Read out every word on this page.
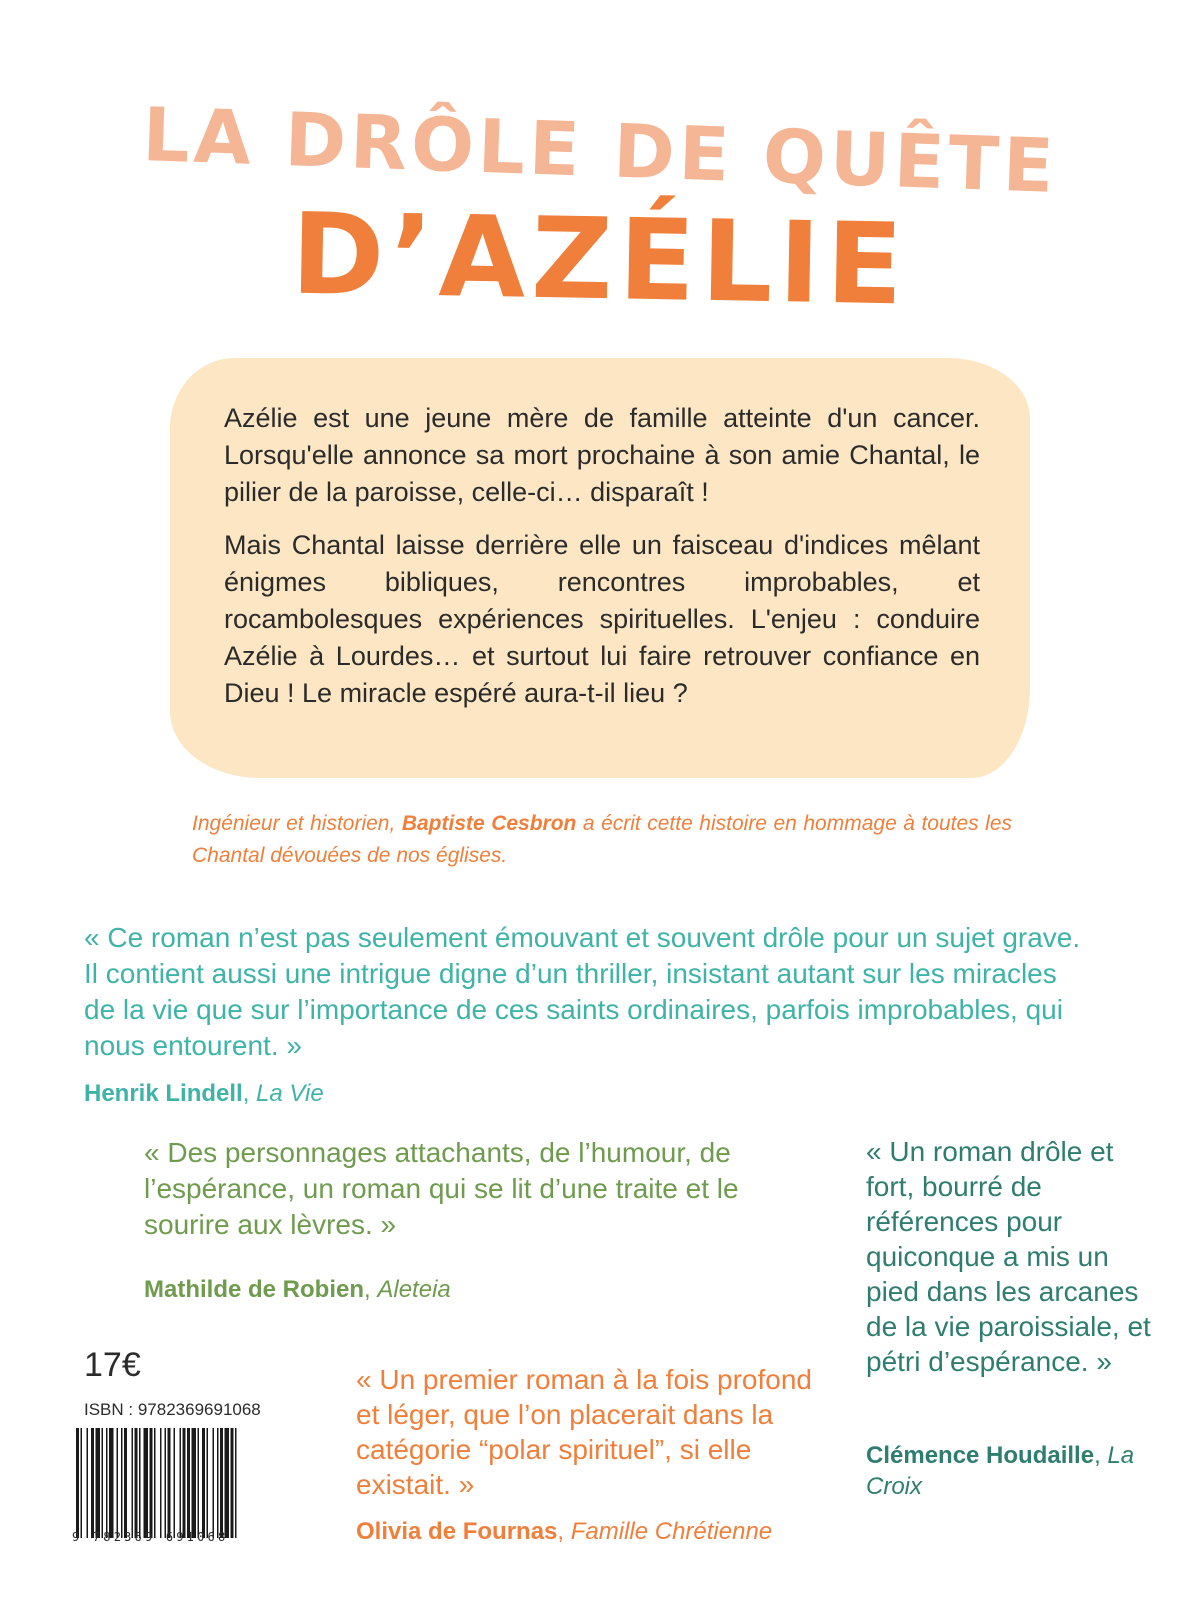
LA DRÔLE DE QUÊTE
D’AZÉLIE

Azélie est une jeune mère de famille atteinte d'un cancer. Lorsqu'elle annonce sa mort prochaine à son amie Chantal, le pilier de la paroisse, celle-ci… disparaît !

Mais Chantal laisse derrière elle un faisceau d'indices mêlant énigmes bibliques, rencontres improbables, et rocambolesques expériences spirituelles. L'enjeu : conduire Azélie à Lourdes… et surtout lui faire retrouver confiance en Dieu ! Le miracle espéré aura-t-il lieu ?

Ingénieur et historien, Baptiste Cesbron a écrit cette histoire en hommage à toutes les Chantal dévouées de nos églises.
« Ce roman n’est pas seulement émouvant et souvent drôle pour un sujet grave. Il contient aussi une intrigue digne d’un thriller, insistant autant sur les miracles de la vie que sur l’importance de ces saints ordinaires, parfois improbables, qui nous entourent. »
Henrik Lindell, La Vie
« Des personnages attachants, de l’humour, de l’espérance, un roman qui se lit d’une traite et le sourire aux lèvres. »
Mathilde de Robien, Aleteia
« Un roman drôle et fort, bourré de références pour quiconque a mis un pied dans les arcanes de la vie paroissiale, et pétri d’espérance. »
Clémence Houdaille, La Croix
« Un premier roman à la fois profond et léger, que l’on placerait dans la catégorie “polar spirituel”, si elle existait. »
Olivia de Fournas, Famille Chrétienne
17€
ISBN : 9782369691068
9 782369 691068
